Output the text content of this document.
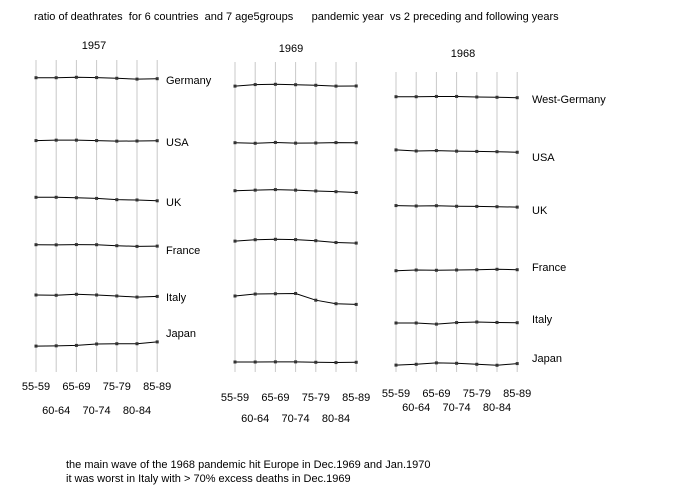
ratio of deathrates  for 6 countries  and 7 age5groups      pandemic year  vs 2 preceding and following years
1957	1969	1968
55-59
60-64
65-69
70-74
75-79
80-84
85-89
Germany
USA
UK
France
Italy
Japan
55-59
60-64
65-69
70-74
75-79
80-84
85-89 55-59
60-64
65-69
70-74
75-79
80-84
85-89
West-Germany
USA
UK
France
Italy
Japan
the main wave of the 1968 pandemic hit Europe in Dec.1969 and Jan.1970
it was worst in Italy with > 70% excess deaths in Dec.1969
